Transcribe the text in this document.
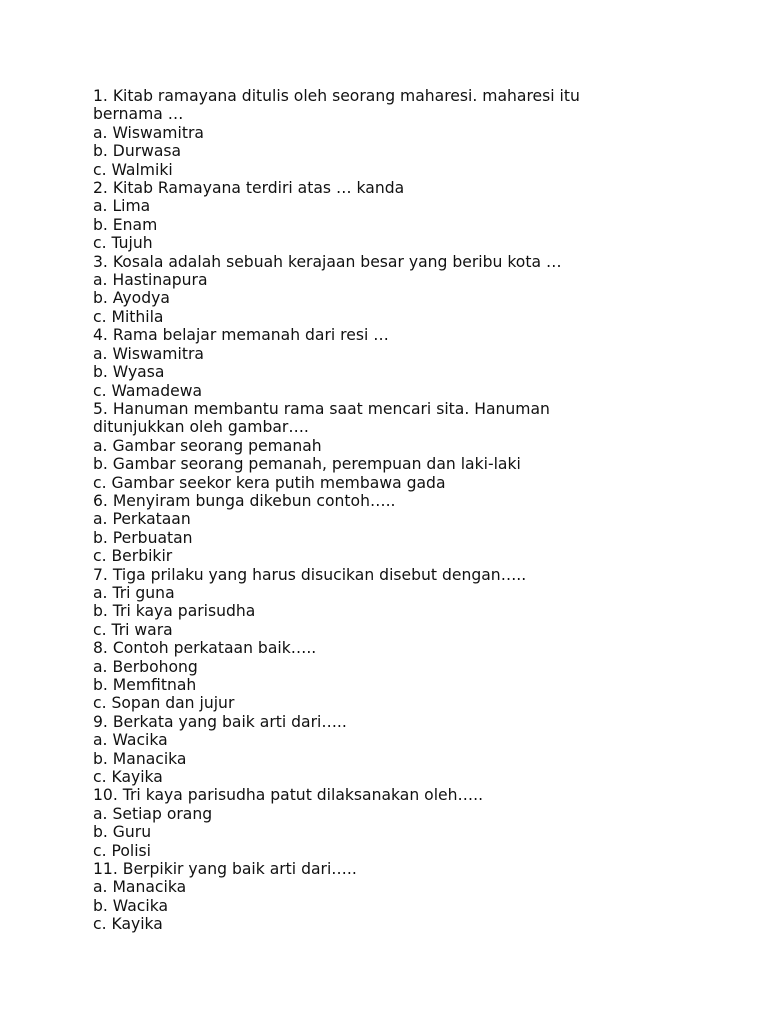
1. Kitab ramayana ditulis oleh seorang maharesi. maharesi itu
bernama …
a. Wiswamitra
b. Durwasa
c. Walmiki
2. Kitab Ramayana terdiri atas … kanda
a. Lima
b. Enam
c. Tujuh
3. Kosala adalah sebuah kerajaan besar yang beribu kota …
a. Hastinapura
b. Ayodya
c. Mithila
4. Rama belajar memanah dari resi …
a. Wiswamitra
b. Wyasa
c. Wamadewa
5. Hanuman membantu rama saat mencari sita. Hanuman
ditunjukkan oleh gambar….
a. Gambar seorang pemanah
b. Gambar seorang pemanah, perempuan dan laki-laki
c. Gambar seekor kera putih membawa gada
6. Menyiram bunga dikebun contoh…..
a. Perkataan
b. Perbuatan
c. Berbikir
7. Tiga prilaku yang harus disucikan disebut dengan…..
a. Tri guna
b. Tri kaya parisudha
c. Tri wara
8. Contoh perkataan baik…..
a. Berbohong
b. Memfitnah
c. Sopan dan jujur
9. Berkata yang baik arti dari…..
a. Wacika
b. Manacika
c. Kayika
10. Tri kaya parisudha patut dilaksanakan oleh…..
a. Setiap orang
b. Guru
c. Polisi
11. Berpikir yang baik arti dari…..
a. Manacika
b. Wacika
c. Kayika
